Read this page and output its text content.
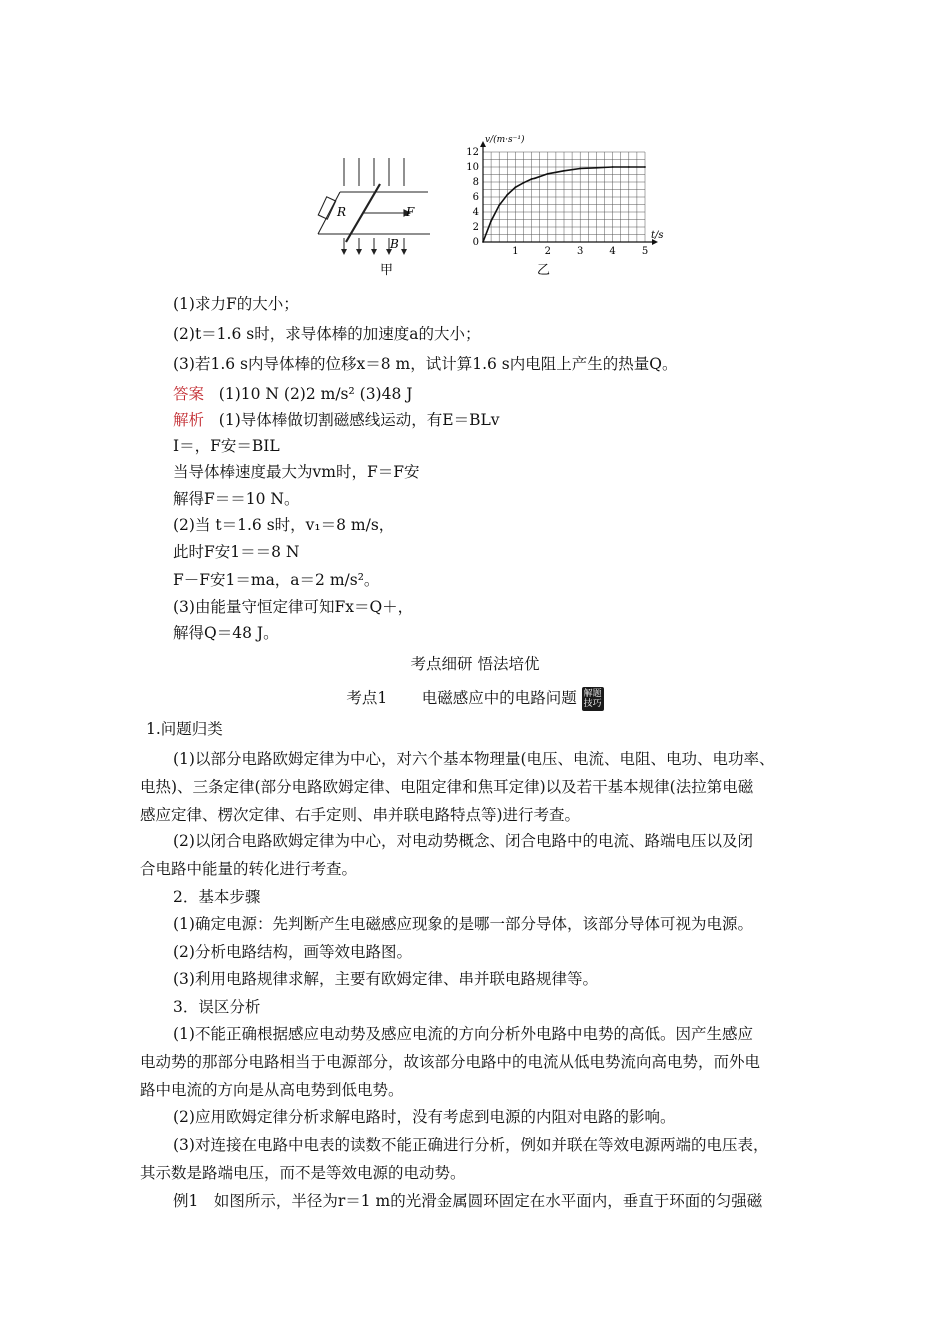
R	F
B
甲
0
2
4
6
8
10
12
1	2	3	4	5
v/(m·s⁻¹)
t/s
乙
(1)求力F的大小；
(2)t＝1.6 s时，求导体棒的加速度a的大小；
(3)若1.6 s内导体棒的位移x＝8 m，试计算1.6 s内电阻上产生的热量Q。
答案 (1)10 N (2)2 m/s² (3)48 J
解析 (1)导体棒做切割磁感线运动，有E＝BLv
I＝，F安＝BIL
当导体棒速度最大为vm时，F＝F安
解得F＝＝10 N。
(2)当 t＝1.6 s时，v₁＝8 m/s，
此时F安1＝＝8 N
F－F安1＝ma，a＝2 m/s²。
(3)由能量守恒定律可知Fx＝Q＋，
解得Q＝48 J。
考点细研 悟法培优
考点1 电磁感应中的电路问题 解题
技巧
1.问题归类
(1)以部分电路欧姆定律为中心，对六个基本物理量(电压、电流、电阻、电功、电功率、
电热)、三条定律(部分电路欧姆定律、电阻定律和焦耳定律)以及若干基本规律(法拉第电磁
感应定律、楞次定律、右手定则、串并联电路特点等)进行考查。
(2)以闭合电路欧姆定律为中心，对电动势概念、闭合电路中的电流、路端电压以及闭
合电路中能量的转化进行考查。
2．基本步骤
(1)确定电源：先判断产生电磁感应现象的是哪一部分导体，该部分导体可视为电源。
(2)分析电路结构，画等效电路图。
(3)利用电路规律求解，主要有欧姆定律、串并联电路规律等。
3．误区分析
(1)不能正确根据感应电动势及感应电流的方向分析外电路中电势的高低。因产生感应
电动势的那部分电路相当于电源部分，故该部分电路中的电流从低电势流向高电势，而外电
路中电流的方向是从高电势到低电势。
(2)应用欧姆定律分析求解电路时，没有考虑到电源的内阻对电路的影响。
(3)对连接在电路中电表的读数不能正确进行分析，例如并联在等效电源两端的电压表，
其示数是路端电压，而不是等效电源的电动势。
例1　如图所示，半径为r＝1 m的光滑金属圆环固定在水平面内，垂直于环面的匀强磁
